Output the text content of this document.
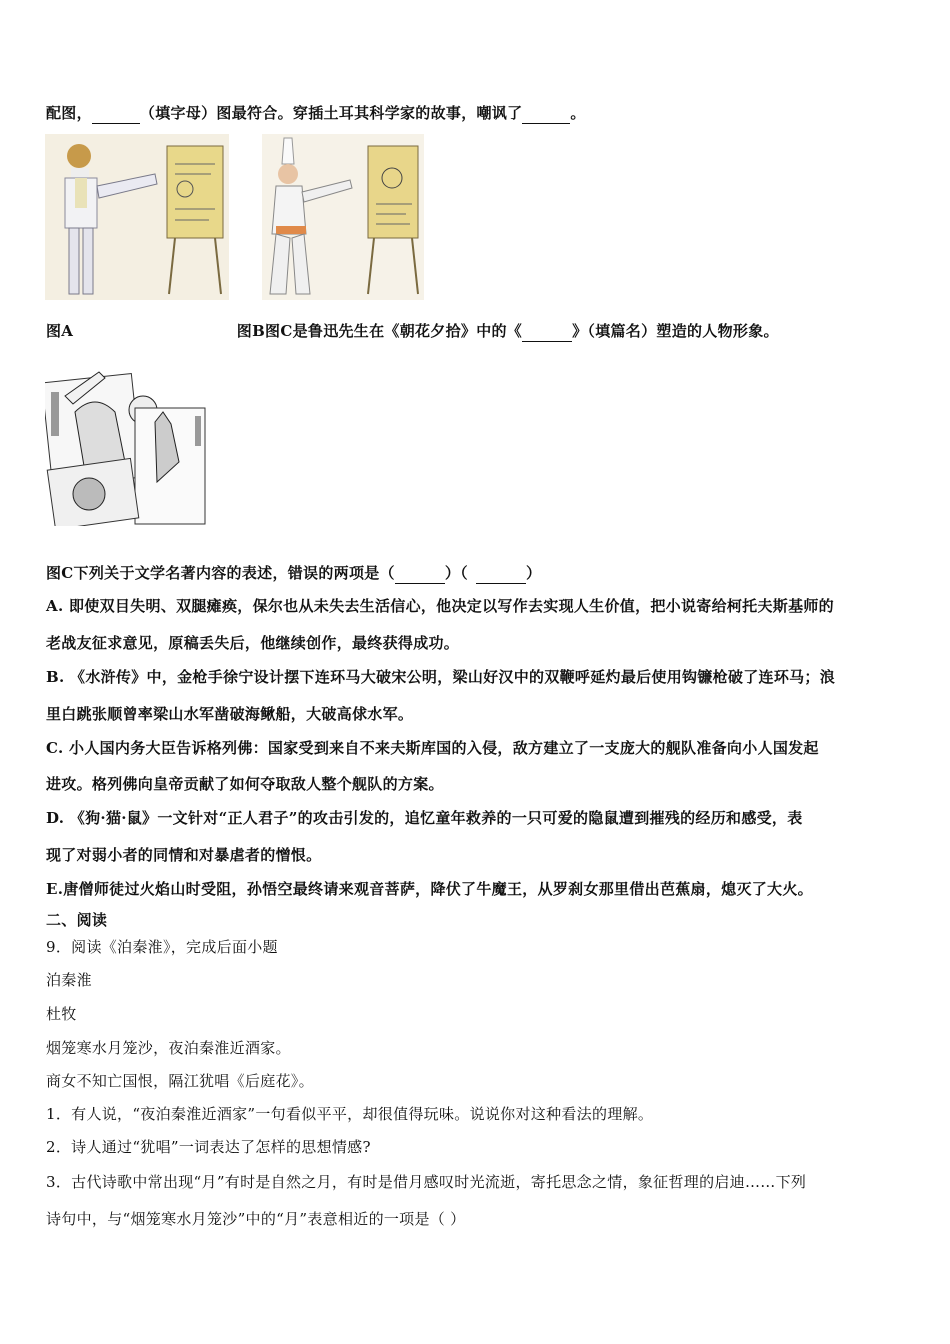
配图，	（填字母）图最符合。穿插土耳其科学家的故事，嘲讽了	。
图A	图B图C是鲁迅先生在《朝花夕拾》中的《	》（填篇名）塑造的人物形象。
图C下列关于文学名著内容的表述，错误的两项是（	）（	）
A. 即使双目失明、双腿瘫痪，保尔也从未失去生活信心，他决定以写作去实现人生价值，把小说寄给柯托夫斯基师的
老战友征求意见，原稿丢失后，他继续创作，最终获得成功。
B. 《水浒传》中，金枪手徐宁设计摆下连环马大破宋公明，梁山好汉中的双鞭呼延灼最后使用钩镰枪破了连环马；浪
里白跳张顺曾率梁山水军凿破海鳅船，大破高俅水军。
C. 小人国内务大臣告诉格列佛：国家受到来自不来夫斯库国的入侵，敌方建立了一支庞大的舰队准备向小人国发起
进攻。格列佛向皇帝贡献了如何夺取敌人整个舰队的方案。
D. 《狗·猫·鼠》一文针对“正人君子”的攻击引发的，追忆童年救养的一只可爱的隐鼠遭到摧残的经历和感受，表
现了对弱小者的同情和对暴虐者的憎恨。
E.唐僧师徒过火焰山时受阻，孙悟空最终请来观音菩萨，降伏了牛魔王，从罗刹女那里借出芭蕉扇，熄灭了大火。
二、阅读
9．阅读《泊秦淮》，完成后面小题
泊秦淮
杜牧
烟笼寒水月笼沙，夜泊秦淮近酒家。
商女不知亡国恨，隔江犹唱《后庭花》。
1．有人说，“夜泊秦淮近酒家”一句看似平平，却很值得玩味。说说你对这种看法的理解。
2．诗人通过“犹唱”一词表达了怎样的思想情感?
3．古代诗歌中常出现“月”有时是自然之月，有时是借月感叹时光流逝，寄托思念之情，象征哲理的启迪……下列
诗句中，与“烟笼寒水月笼沙”中的“月”表意相近的一项是（ ）
